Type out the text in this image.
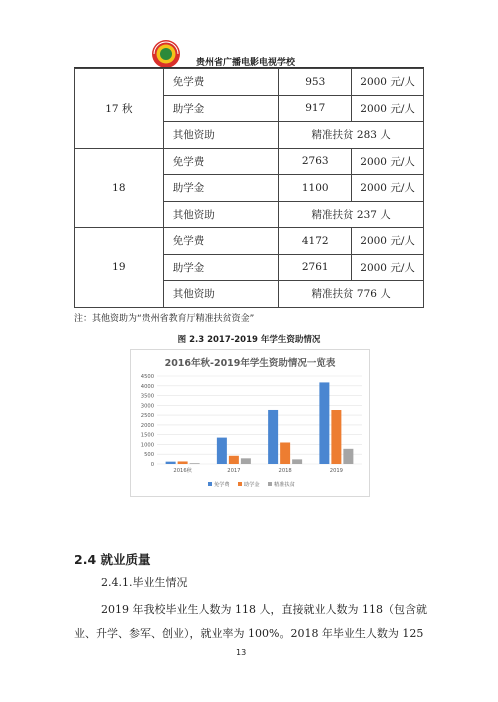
贵州省广播电影电视学校
17 秋	免学费	953	2000 元/人
	助学金	917	2000 元/人
	其他资助	精准扶贫 283 人	
18	免学费	2763	2000 元/人
	助学金	1100	2000 元/人
	其他资助	精准扶贫 237 人	
19	免学费	4172	2000 元/人
	助学金	2761	2000 元/人
	其他资助	精准扶贫 776 人	
注：其他资助为“贵州省教育厅精准扶贫资金”
图 2.3 2017-2019 年学生资助情况
2016年秋-2019年学生资助情况一览表
0
500
1000
1500
2000
2500
3000
3500
4000
4500
2016秋	2017	2018	2019
免学费	助学金	精准扶贫
2.4 就业质量
2.4.1.毕业生情况
2019 年我校毕业生人数为 118 人，直接就业人数为 118（包含就
业、升学、参军、创业），就业率为 100%。2018 年毕业生人数为 125
13
